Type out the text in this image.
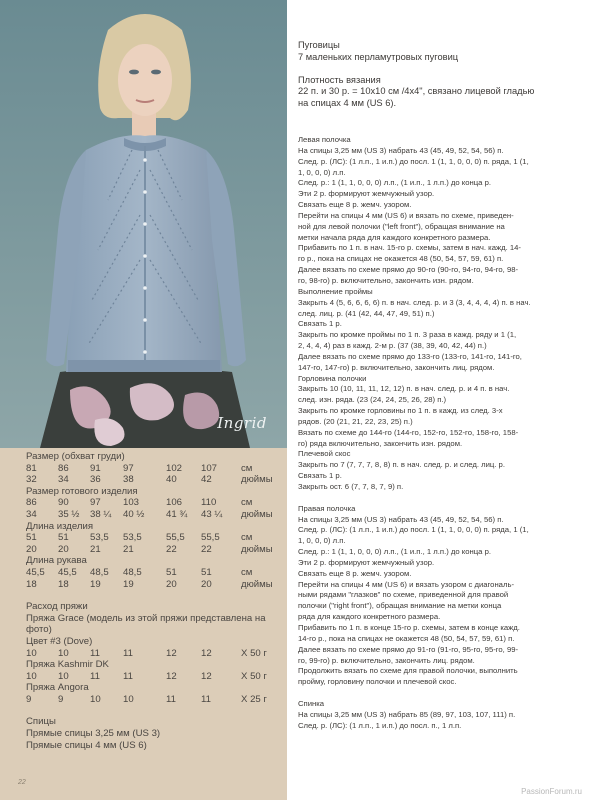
Ingrid
Размер (обхват груди)
81	86	91	97	102	107	см
32	34	36	38	40	42	дюймы
Размер готового изделия
86	90	97	103	106	110	см
34	35 ½	38 ¼	40 ½	41 ¾	43 ¼	дюймы
Длина изделия
51	51	53,5	53,5	55,5	55,5	см
20	20	21	21	22	22	дюймы
Длина рукава
45,5	45,5	48,5	48,5	51	51	см
18	18	19	19	20	20	дюймы
Расход пряжи
Пряжа Grace (модель из этой пряжи представлена на
фото)
Цвет #3 (Dove)
10	10	11	11	12	12	X 50 г
Пряжа Kashmir DK
10	10	11	11	12	12	X 50 г
Пряжа Angora
9	9	10	10	11	11	X 25 г
Спицы
Прямые спицы 3,25 мм (US 3)
Прямые спицы 4 мм (US 6)
22
Пуговицы
7 маленьких перламутровых пуговиц
Плотность вязания
22 п. и 30 р. = 10х10 см /4х4", связано лицевой гладью
на спицах 4 мм (US 6).
Левая полочка
На спицы 3,25 мм (US 3) набрать 43 (45, 49, 52, 54, 56) п.
След. р. (ЛС): (1 л.п., 1 и.п.) до посл. 1 (1, 1, 0, 0, 0) п. ряда, 1 (1,
1, 0, 0, 0) л.п.
След. р.: 1 (1, 1, 0, 0, 0) л.п., (1 и.п., 1 л.п.) до конца р.
Эти 2 р. формируют жемчужный узор.
Связать еще 8 р. жемч. узором.
Перейти на спицы 4 мм (US 6) и вязать по схеме, приведен-
ной для левой полочки ("left front"), обращая внимание на
метки начала ряда для каждого конкретного размера.
Прибавить по 1 п. в нач. 15-го р. схемы, затем в нач. кажд. 14-
го р., пока на спицах не окажется 48 (50, 54, 57, 59, 61) п.
Далее вязать по схеме прямо до 90-го (90-го, 94-го, 94-го, 98-
го, 98-го) р. включительно, закончить изн. рядом.
Выполнение проймы
Закрыть 4 (5, 6, 6, 6, 6) п. в нач. след. р. и 3 (3, 4, 4, 4, 4) п. в нач.
след. лиц. р. (41 (42, 44, 47, 49, 51) п.)
Связать 1 р.
Закрыть по кромке проймы по 1 п. 3 раза в кажд. ряду и 1 (1,
2, 4, 4, 4) раз в кажд. 2-м р. (37 (38, 39, 40, 42, 44) п.)
Далее вязать по схеме прямо до 133-го (133-го, 141-го, 141-го,
147-го, 147-го) р. включительно, закончить лиц. рядом.
Горловина полочки
Закрыть 10 (10, 11, 11, 12, 12) п. в нач. след. р. и 4 п. в нач.
след. изн. ряда. (23 (24, 24, 25, 26, 28) п.)
Закрыть по кромке горловины по 1 п. в кажд. из след. 3-х
рядов. (20 (21, 21, 22, 23, 25) п.)
Вязать по схеме до 144-го (144-го, 152-го, 152-го, 158-го, 158-
го) ряда включительно, закончить изн. рядом.
Плечевой скос
Закрыть по 7 (7, 7, 7, 8, 8) п. в нач. след. р. и след. лиц. р.
Связать 1 р.
Закрыть ост. 6 (7, 7, 8, 7, 9) п.
Правая полочка
На спицы 3,25 мм (US 3) набрать 43 (45, 49, 52, 54, 56) п.
След. р. (ЛС): (1 л.п., 1 и.п.) до посл. 1 (1, 1, 0, 0, 0) п. ряда, 1 (1,
1, 0, 0, 0) л.п.
След. р.: 1 (1, 1, 0, 0, 0) л.п., (1 и.п., 1 л.п.) до конца р.
Эти 2 р. формируют жемчужный узор.
Связать еще 8 р. жемч. узором.
Перейти на спицы 4 мм (US 6) и вязать узором с диагональ-
ными рядами "глазков" по схеме, приведенной для правой
полочки ("right front"), обращая внимание на метки конца
ряда для каждого конкретного размера.
Прибавить по 1 п. в конце 15-го р. схемы, затем в конце кажд.
14-го р., пока на спицах не окажется 48 (50, 54, 57, 59, 61) п.
Далее вязать по схеме прямо до 91-го (91-го, 95-го, 95-го, 99-
го, 99-го) р. включительно, закончить лиц. рядом.
Продолжить вязать по схеме для правой полочки, выполнить
пройму, горловину полочки и плечевой скос.
Спинка
На спицы 3,25 мм (US 3) набрать 85 (89, 97, 103, 107, 111) п.
След. р. (ЛС): (1 л.п., 1 и.п.) до посл. п., 1 л.п.
PassionForum.ru
